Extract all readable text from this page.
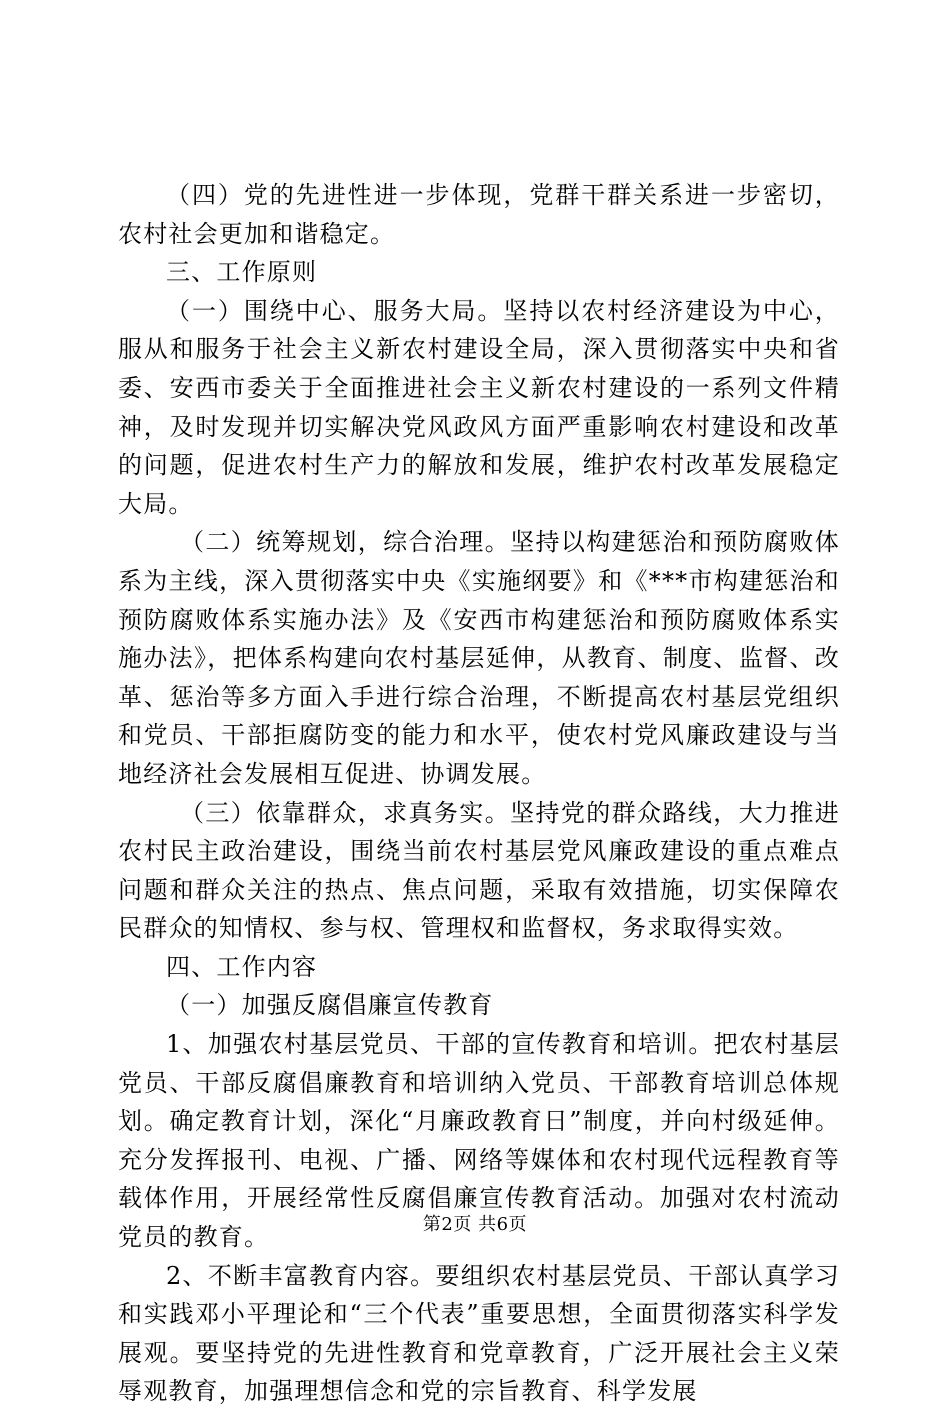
（四）党的先进性进一步体现，党群干群关系进一步密切，农村社会更加和谐稳定。

三、工作原则

（一）围绕中心、服务大局。坚持以农村经济建设为中心，服从和服务于社会主义新农村建设全局，深入贯彻落实中央和省委、安西市委关于全面推进社会主义新农村建设的一系列文件精神，及时发现并切实解决党风政风方面严重影响农村建设和改革的问题，促进农村生产力的解放和发展，维护农村改革发展稳定大局。

（二）统筹规划，综合治理。坚持以构建惩治和预防腐败体系为主线，深入贯彻落实中央《实施纲要》和《***市构建惩治和预防腐败体系实施办法》及《安西市构建惩治和预防腐败体系实施办法》，把体系构建向农村基层延伸，从教育、制度、监督、改革、惩治等多方面入手进行综合治理，不断提高农村基层党组织和党员、干部拒腐防变的能力和水平，使农村党风廉政建设与当地经济社会发展相互促进、协调发展。

（三）依靠群众，求真务实。坚持党的群众路线，大力推进农村民主政治建设，围绕当前农村基层党风廉政建设的重点难点问题和群众关注的热点、焦点问题，采取有效措施，切实保障农民群众的知情权、参与权、管理权和监督权，务求取得实效。

四、工作内容

（一）加强反腐倡廉宣传教育

1、加强农村基层党员、干部的宣传教育和培训。把农村基层党员、干部反腐倡廉教育和培训纳入党员、干部教育培训总体规划。确定教育计划，深化“月廉政教育日”制度，并向村级延伸。充分发挥报刊、电视、广播、网络等媒体和农村现代远程教育等载体作用，开展经常性反腐倡廉宣传教育活动。加强对农村流动党员的教育。

2、不断丰富教育内容。要组织农村基层党员、干部认真学习和实践邓小平理论和“三个代表”重要思想，全面贯彻落实科学发展观。要坚持党的先进性教育和党章教育，广泛开展社会主义荣辱观教育，加强理想信念和党的宗旨教育、科学发展

第2页 共6页
